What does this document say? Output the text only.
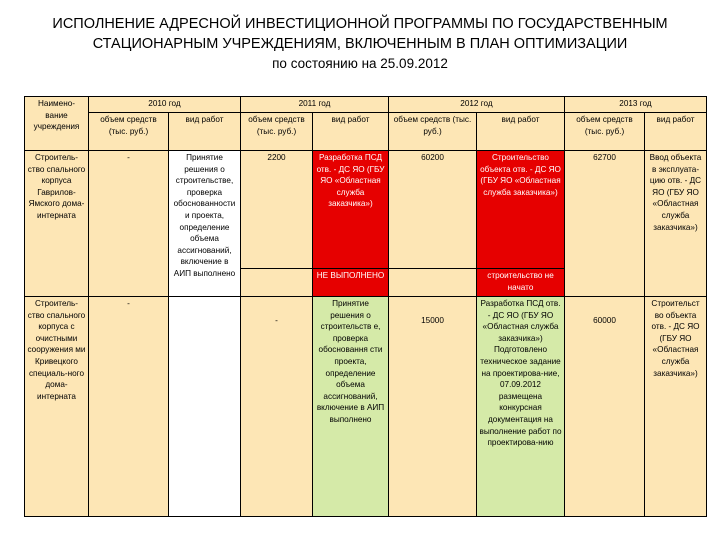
ИСПОЛНЕНИЕ АДРЕСНОЙ ИНВЕСТИЦИОННОЙ ПРОГРАММЫ ПО ГОСУДАРСТВЕННЫМ
СТАЦИОНАРНЫМ УЧРЕЖДЕНИЯМ, ВКЛЮЧЕННЫМ В ПЛАН ОПТИМИЗАЦИИ
по состоянию на 25.09.2012
Наимено-вание учреждения	2010 год		2011 год		2012 год		2013 год	
	объем средств (тыс. руб.)	вид работ	объем средств (тыс. руб.)	вид работ	объем средств (тыс. руб.)	вид работ	объем средств (тыс. руб.)	вид работ
Строитель-ство спального корпуса Гаврилов-Ямского дома-интерната	-	Принятие решения о строительстве, проверка обоснованности и проекта, определение объема ассигнований, включение в АИП выполнено	2200	Разработка ПСД отв. - ДС ЯО (ГБУ ЯО «Областная служба заказчика»)	60200	Строительство объекта отв. - ДС ЯО (ГБУ ЯО «Областная служба заказчика»)	62700	Ввод объекта в эксплуата-цию отв. - ДС ЯО (ГБУ ЯО «Областная служба заказчика»)
				НЕ ВЫПОЛНЕНО		строительство не начато		
Строитель-ство спального корпуса с очистными сооружения ми Кривецкого специаль-ного дома-интерната	-		-	Принятие решения о строительств е, проверка обосновання сти проекта, определение объема ассигнований, включение в АИП выполнено	15000	Разработка ПСД отв. - ДС ЯО (ГБУ ЯО «Областная служба заказчика») Подготовлено техническое задание на проектирова-ние, 07.09.2012 размещена конкурсная документация на выполнение работ по проектирова-нию	60000	Строительст во объекта отв. - ДС ЯО (ГБУ ЯО «Областная служба заказчика»)
